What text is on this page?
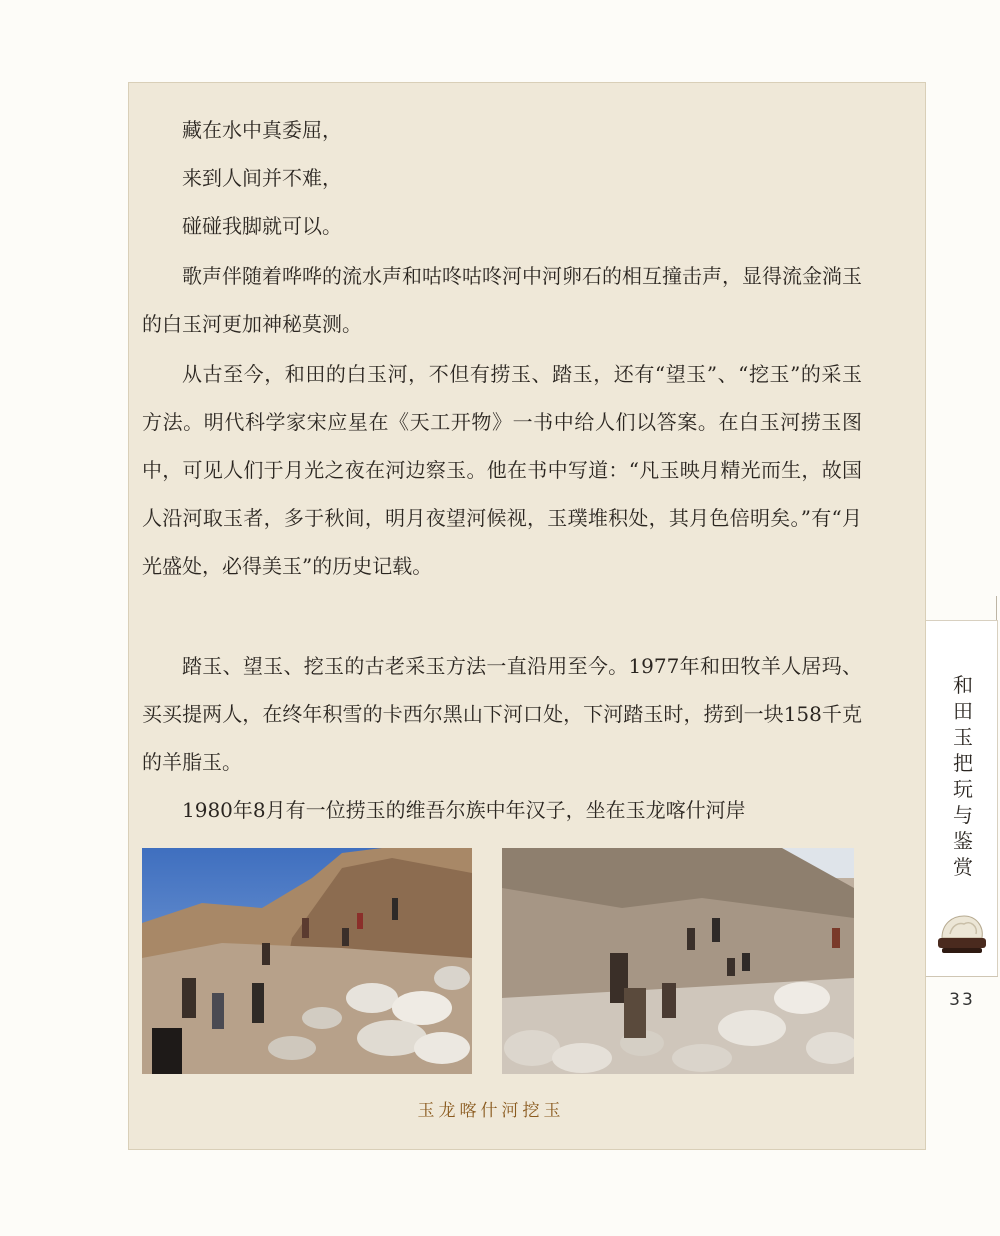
藏在水中真委屈，

来到人间并不难，

碰碰我脚就可以。

歌声伴随着哗哗的流水声和咕咚咕咚河中河卵石的相互撞击声，显得流金淌玉的白玉河更加神秘莫测。

从古至今，和田的白玉河，不但有捞玉、踏玉，还有“望玉”、“挖玉”的采玉方法。明代科学家宋应星在《天工开物》一书中给人们以答案。在白玉河捞玉图中，可见人们于月光之夜在河边察玉。他在书中写道：“凡玉映月精光而生，故国人沿河取玉者，多于秋间，明月夜望河候视，玉璞堆积处，其月色倍明矣。”有“月光盛处，必得美玉”的历史记载。

踏玉、望玉、挖玉的古老采玉方法一直沿用至今。1977年和田牧羊人居玛、买买提两人，在终年积雪的卡西尔黑山下河口处，下河踏玉时，捞到一块158千克的羊脂玉。

1980年8月有一位捞玉的维吾尔族中年汉子，坐在玉龙喀什河岸

玉龙喀什河挖玉
和田玉把玩与鉴赏
33
